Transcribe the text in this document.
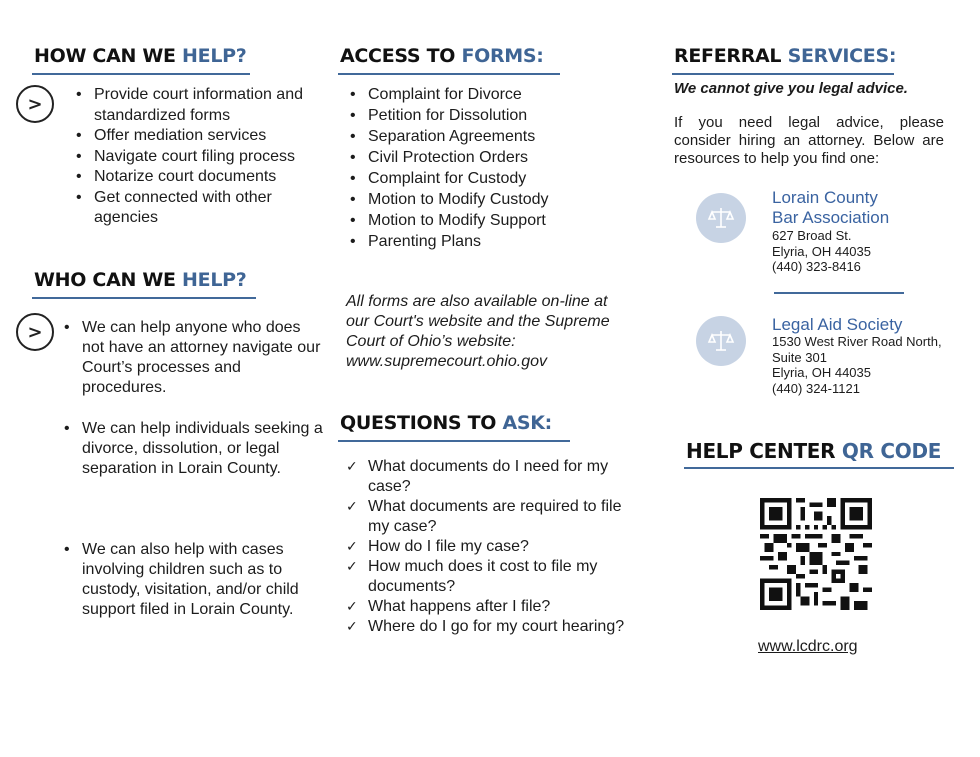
HOW CAN WE HELP?
>	• Provide court information and standardized forms
• Offer mediation services
• Navigate court filing process
• Notarize court documents
• Get connected with other agencies
WHO CAN WE HELP?
>	• We can help anyone who does not have an attorney navigate our Court’s processes and procedures.
• We can help individuals seeking a divorce, dissolution, or legal separation in Lorain County.
• We can also help with cases involving children such as to custody, visitation, and/or child support filed in Lorain County.
ACCESS TO FORMS:
• Complaint for Divorce
• Petition for Dissolution
• Separation Agreements
• Civil Protection Orders
• Complaint for Custody
• Motion to Modify Custody
• Motion to Modify Support
• Parenting Plans
All forms are also available on-line at our Court's website and the Supreme Court of Ohio’s website: www.supremecourt.ohio.gov
QUESTIONS TO ASK:
✓ What documents do I need for my case?
✓ What documents are required to file my case?
✓ How do I file my case?
✓ How much does it cost to file my documents?
✓ What happens after I file?
✓ Where do I go for my court hearing?
REFERRAL SERVICES:
We cannot give you legal advice.
If you need legal advice, please consider hiring an attorney. Below are resources to help you find one:
Lorain County
Bar Association
627 Broad St.
Elyria, OH 44035
(440) 323-8416
Legal Aid Society
1530 West River Road North,
Suite 301
Elyria, OH 44035
(440) 324-1121
HELP CENTER QR CODE
www.lcdrc.org
